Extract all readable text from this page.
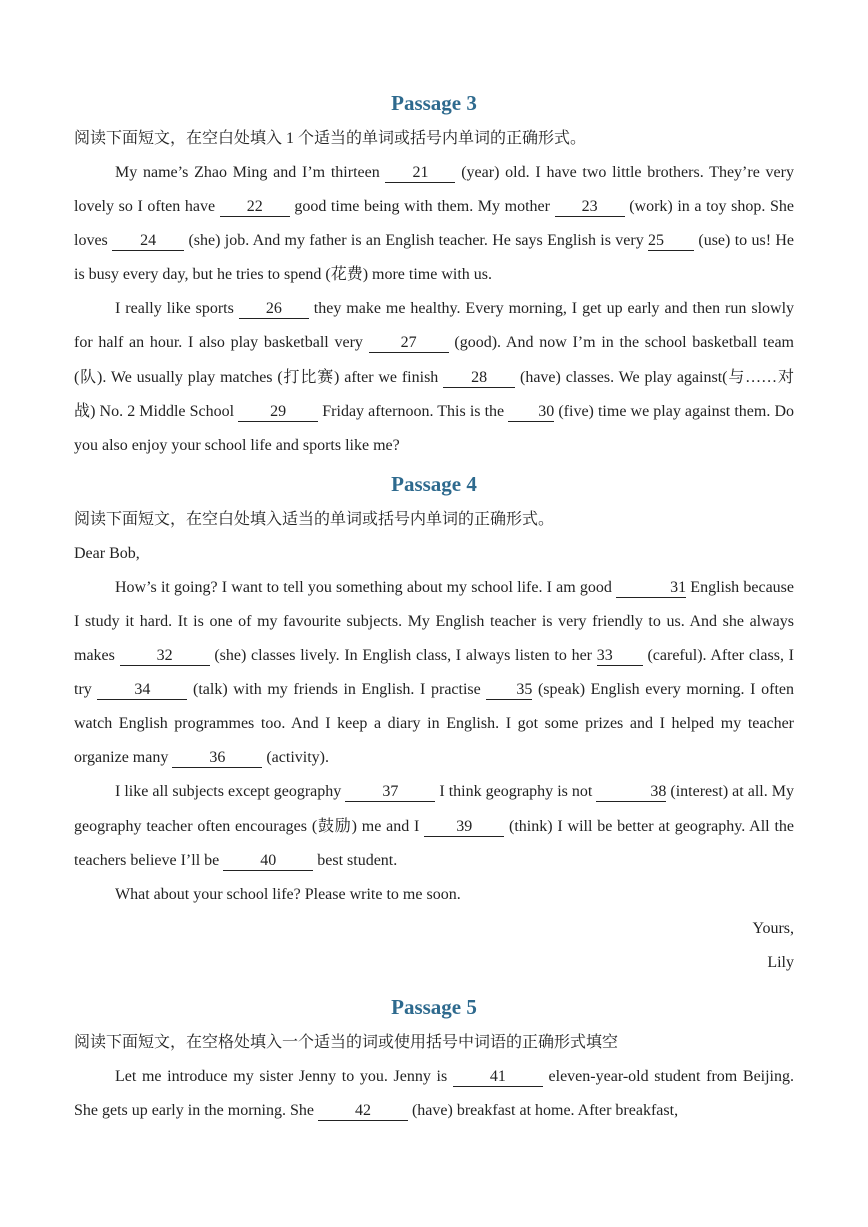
Passage 3

阅读下面短文，在空白处填入 1 个适当的单词或括号内单词的正确形式。

My name’s Zhao Ming and I’m thirteen 21 (year) old. I have two little brothers. They’re very lovely so I often have 22 good time being with them. My mother 23 (work) in a toy shop. She loves 24 (she) job. And my father is an English teacher. He says English is very 25 (use) to us! He is busy every day, but he tries to spend (花费) more time with us.

I really like sports 26 they make me healthy. Every morning, I get up early and then run slowly for half an hour. I also play basketball very 27 (good). And now I’m in the school basketball team (队). We usually play matches (打比赛) after we finish 28 (have) classes. We play against(与……对战) No. 2 Middle School 29 Friday afternoon. This is the 30 (five) time we play against them. Do you also enjoy your school life and sports like me?

Passage 4

阅读下面短文，在空白处填入适当的单词或括号内单词的正确形式。

Dear Bob,

How’s it going? I want to tell you something about my school life. I am good	31 English because I study it hard. It is one of my favourite subjects. My English teacher is very friendly to us. And she always makes 32 (she) classes lively. In English class, I always listen to her 33 (careful). After class, I try 34 (talk) with my friends in English. I practise 35 (speak) English every morning. I often watch English programmes too. And I keep a diary in English. I got some prizes and I helped my teacher organize many 36 (activity).

I like all subjects except geography 37 I think geography is not	38 (interest) at all. My geography teacher often encourages (鼓励) me and I 39 (think) I will be better at geography. All the teachers believe I’ll be 40 best student.

What about your school life? Please write to me soon.

Yours,

Lily

Passage 5

阅读下面短文，在空格处填入一个适当的词或使用括号中词语的正确形式填空

Let me introduce my sister Jenny to you. Jenny is 41 eleven-year-old student from Beijing. She gets up early in the morning. She 42 (have) breakfast at home. After breakfast,
